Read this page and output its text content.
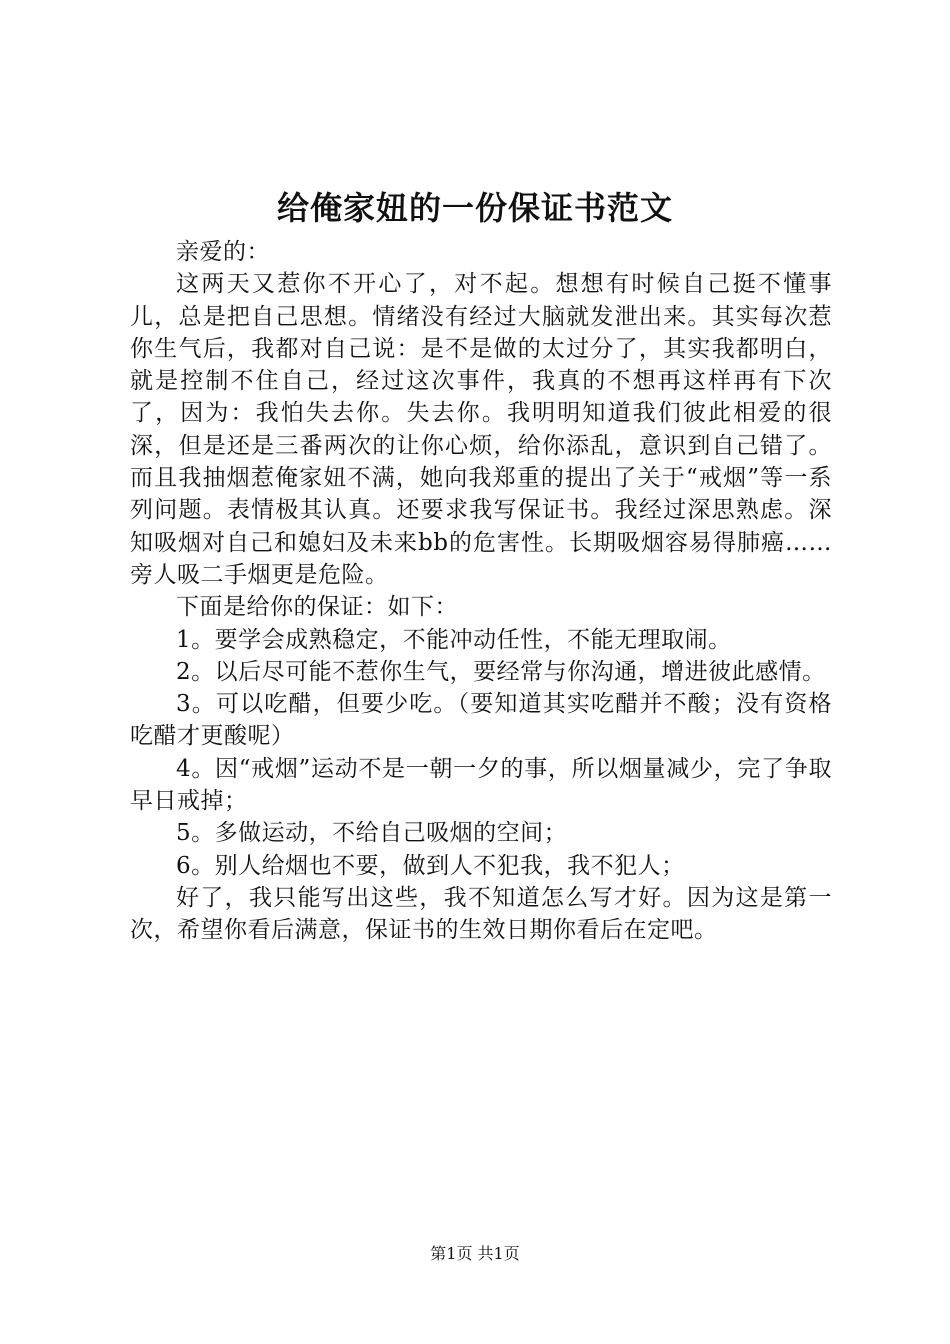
给俺家妞的一份保证书范文

亲爱的：

这两天又惹你不开心了，对不起。想想有时候自己挺不懂事儿，总是把自己思想。情绪没有经过大脑就发泄出来。其实每次惹你生气后，我都对自己说：是不是做的太过分了，其实我都明白，就是控制不住自己，经过这次事件，我真的不想再这样再有下次了，因为：我怕失去你。失去你。我明明知道我们彼此相爱的很深，但是还是三番两次的让你心烦，给你添乱，意识到自己错了。而且我抽烟惹俺家妞不满，她向我郑重的提出了关于“戒烟”等一系列问题。表情极其认真。还要求我写保证书。我经过深思熟虑。深知吸烟对自己和媳妇及未来bb的危害性。长期吸烟容易得肺癌……旁人吸二手烟更是危险。

下面是给你的保证：如下：

1。要学会成熟稳定，不能冲动任性，不能无理取闹。

2。以后尽可能不惹你生气，要经常与你沟通，增进彼此感情。

3。可以吃醋，但要少吃。（要知道其实吃醋并不酸；没有资格吃醋才更酸呢）

4。因“戒烟”运动不是一朝一夕的事，所以烟量减少，完了争取早日戒掉；

5。多做运动，不给自己吸烟的空间；

6。别人给烟也不要，做到人不犯我，我不犯人；

好了，我只能写出这些，我不知道怎么写才好。因为这是第一次，希望你看后满意，保证书的生效日期你看后在定吧。

第1页 共1页
